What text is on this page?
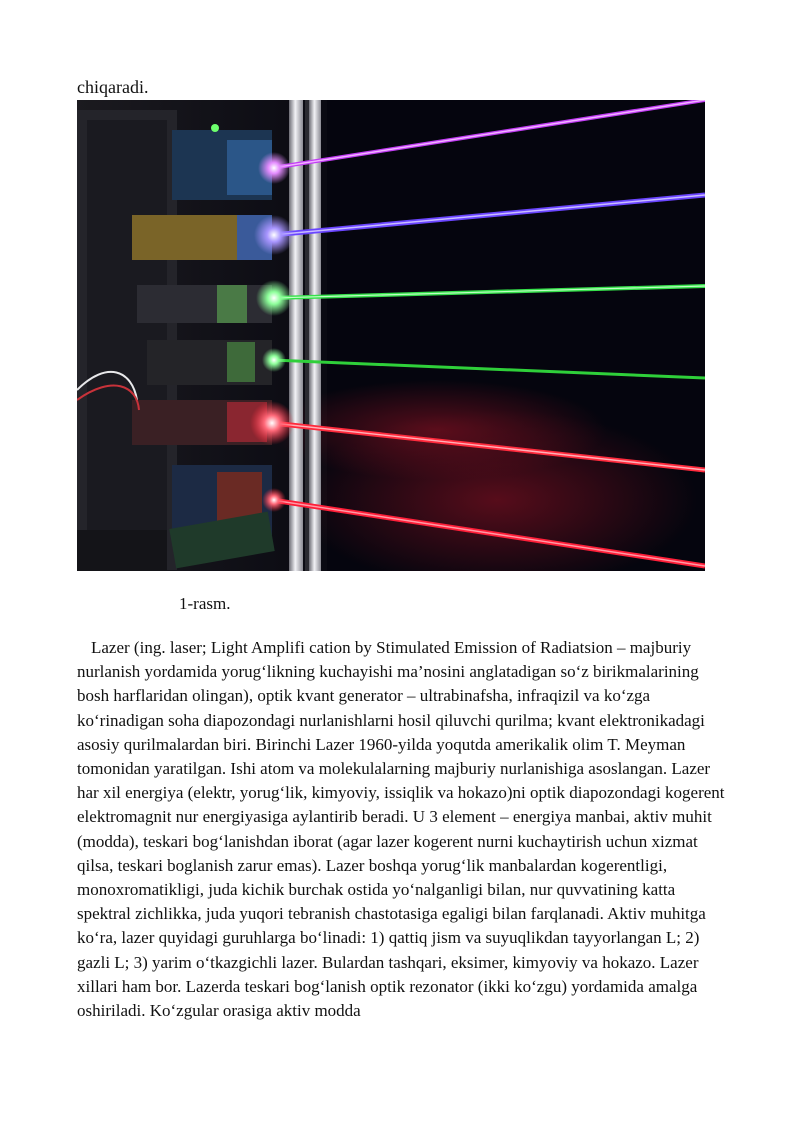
chiqaradi.

1-rasm.

Lazer (ing. laser; Light Amplifi cation by Stimulated Emission of Radiatsion – majburiy nurlanish yordamida yorug‘likning kuchayishi ma’nosini anglatadigan so‘z birikmalarining bosh harflaridan olingan), optik kvant generator – ultrabinafsha, infraqizil va ko‘zga ko‘rinadigan soha diapozondagi nurlanishlarni hosil qiluvchi qurilma; kvant elektronikadagi asosiy qurilmalardan biri. Birinchi Lazer 1960-yilda yoqutda amerikalik olim T. Meyman tomonidan yaratilgan. Ishi atom va molekulalarning majburiy nurlanishiga asoslangan. Lazer har xil energiya (elektr, yorug‘lik, kimyoviy, issiqlik va hokazo)ni optik diapozondagi kogerent elektromagnit nur energiyasiga aylantirib beradi. U 3 element – energiya manbai, aktiv muhit (modda), teskari bog‘lanishdan iborat (agar lazer kogerent nurni kuchaytirish uchun xizmat qilsa, teskari boglanish zarur emas). Lazer boshqa yorug‘lik manbalardan kogerentligi, monoxromatikligi, juda kichik burchak ostida yo‘nalganligi bilan, nur quvvatining katta spektral zichlikka, juda yuqori tebranish chastotasiga egaligi bilan farqlanadi. Aktiv muhitga ko‘ra, lazer quyidagi guruhlarga bo‘linadi: 1) qattiq jism va suyuqlikdan tayyorlangan L; 2) gazli L; 3) yarim o‘tkazgichli lazer. Bulardan tashqari, eksimer, kimyoviy va hokazo. Lazer xillari ham bor. Lazerda teskari bog‘lanish optik rezonator (ikki ko‘zgu) yordamida amalga oshiriladi. Ko‘zgular orasiga aktiv modda
